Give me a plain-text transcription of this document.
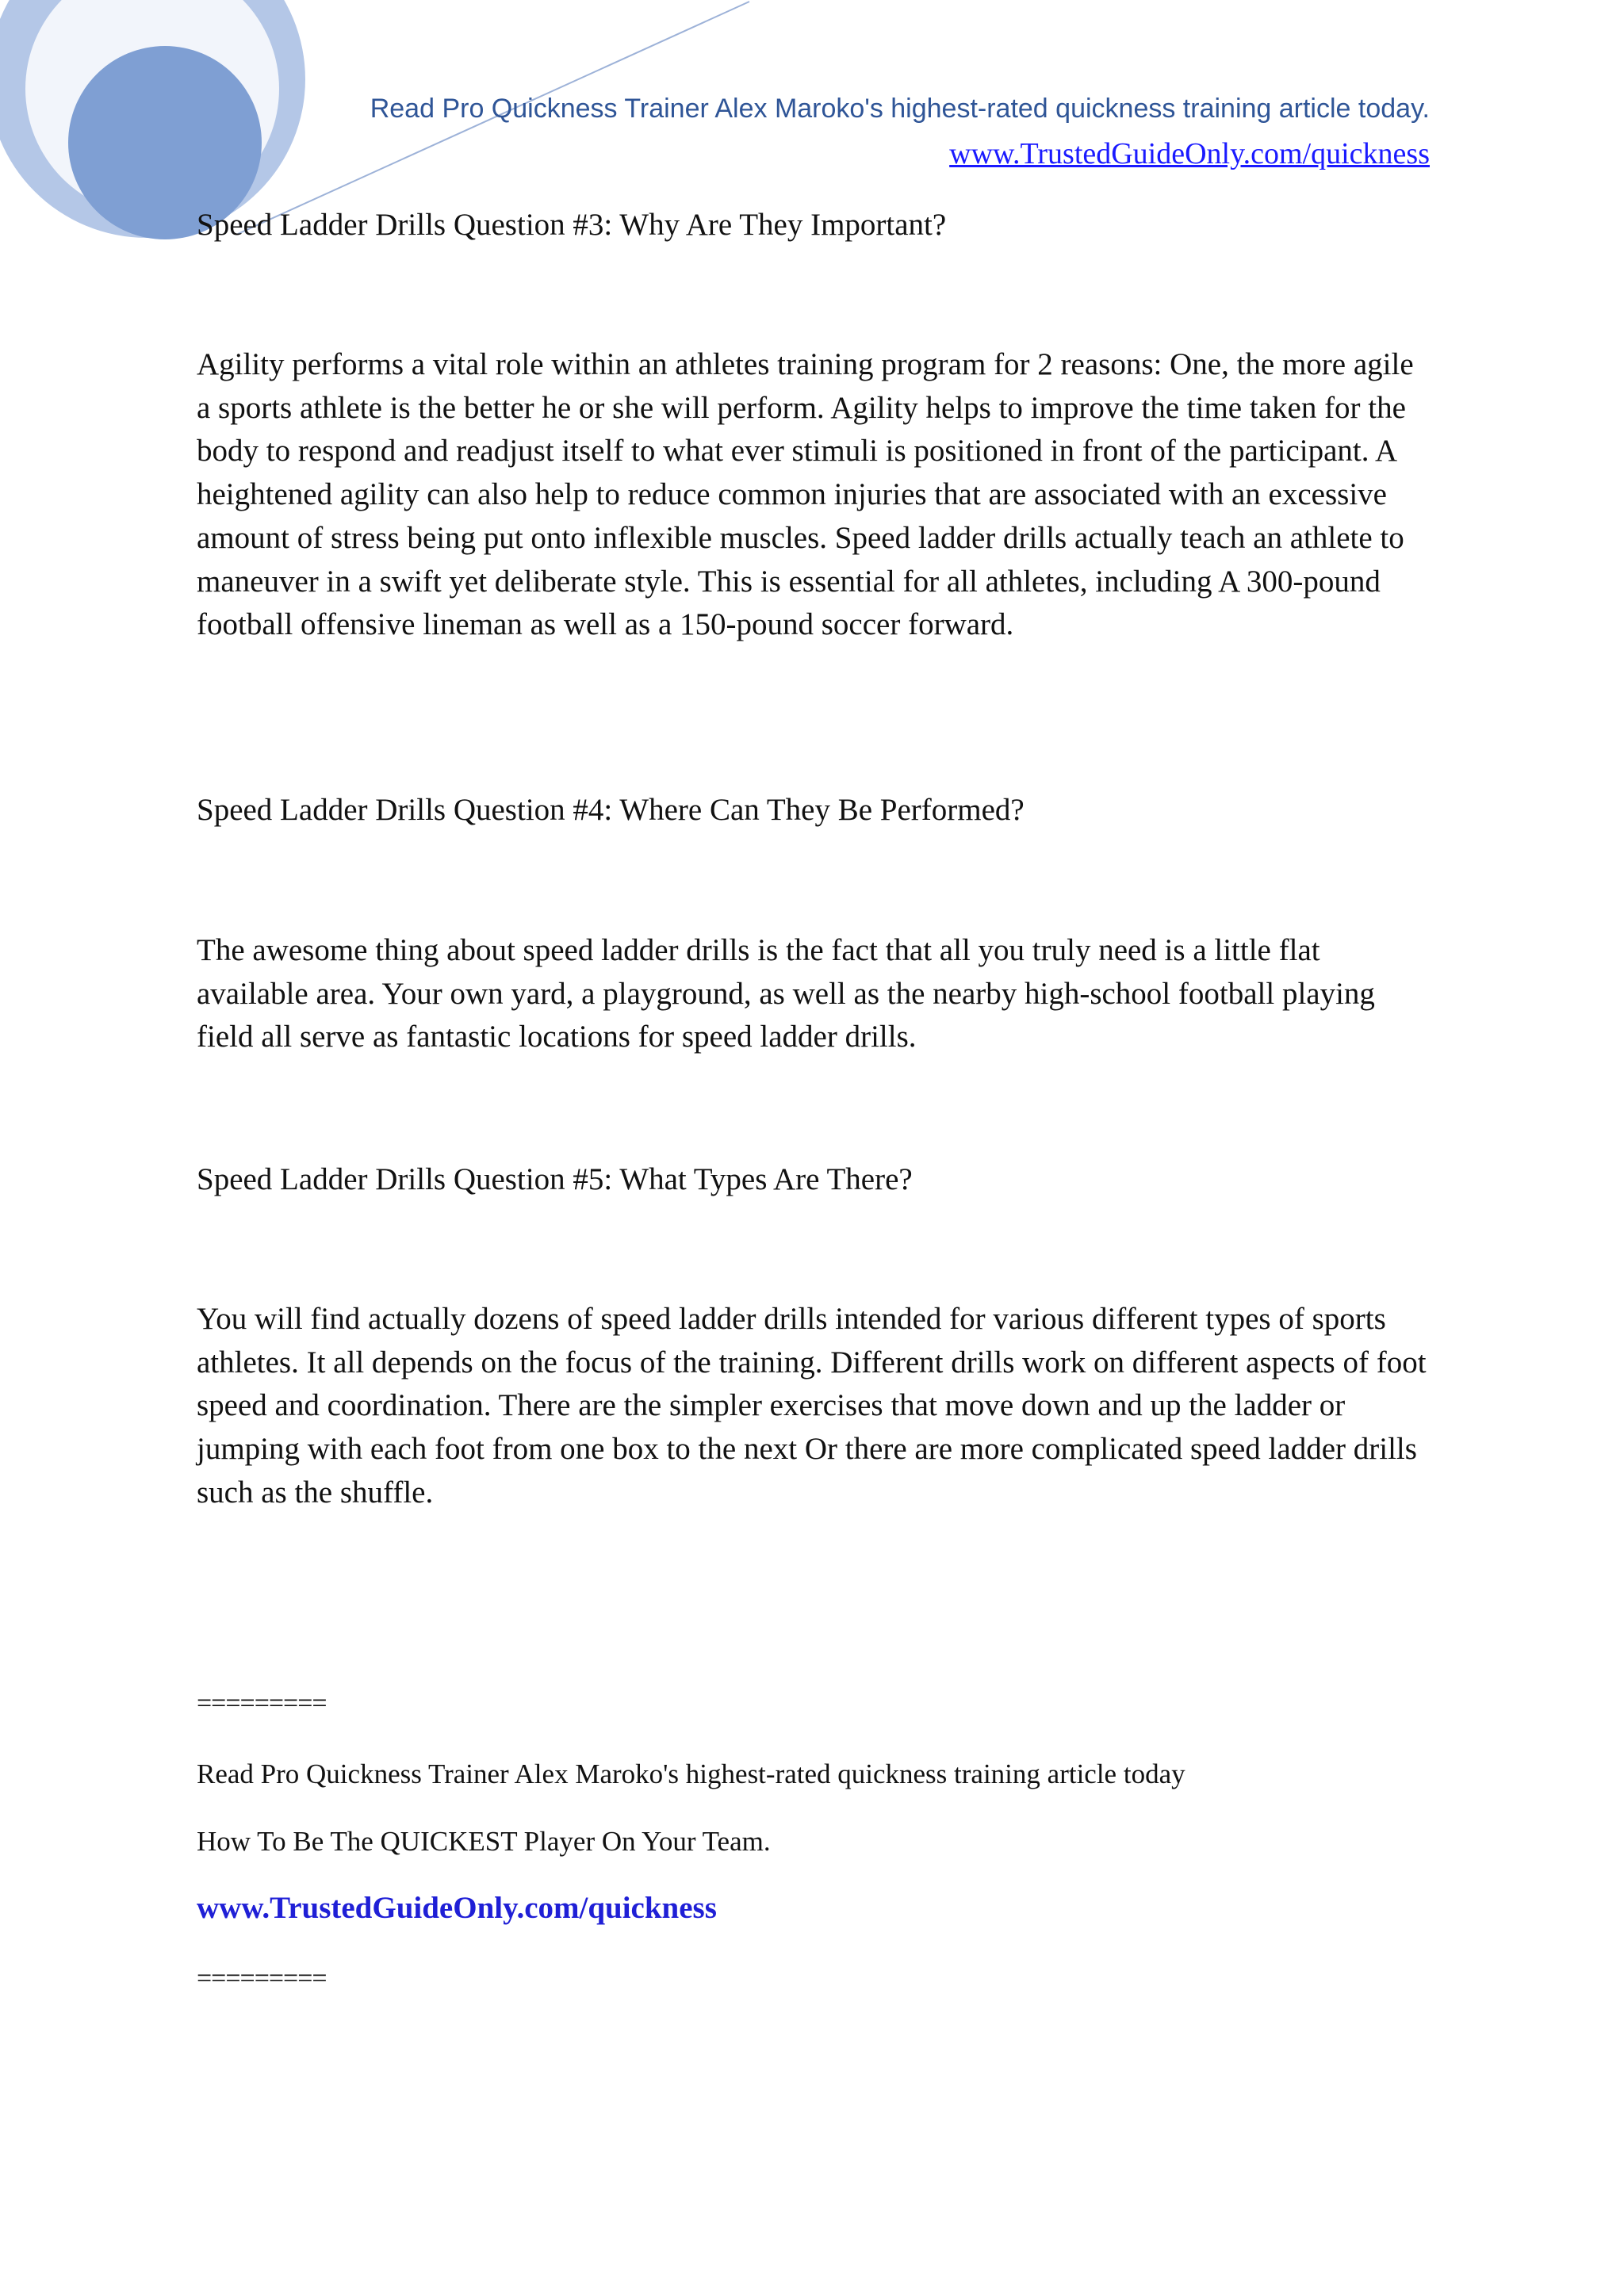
Read Pro Quickness Trainer Alex Maroko's highest-rated quickness training article today.
www.TrustedGuideOnly.com/quickness
Speed Ladder Drills Question #3: Why Are They Important?
Agility performs a vital role within an athletes training program for 2 reasons: One, the more agile a sports athlete is the better he or she will perform. Agility helps to improve the time taken for the body to respond and readjust itself to what ever stimuli is positioned in front of the participant. A heightened agility can also help to reduce common injuries that are associated with an excessive amount of stress being put onto inflexible muscles. Speed ladder drills actually teach an athlete to maneuver in a swift yet deliberate style. This is essential for all athletes, including A 300-pound football offensive lineman as well as a 150-pound soccer forward.
Speed Ladder Drills Question #4: Where Can They Be Performed?
The awesome thing about speed ladder drills is the fact that all you truly need is a little flat available area. Your own yard, a playground, as well as the nearby high-school football playing field all serve as fantastic locations for speed ladder drills.
Speed Ladder Drills Question #5: What Types Are There?
You will find actually dozens of speed ladder drills intended for various different types of sports athletes. It all depends on the focus of the training. Different drills work on different aspects of foot speed and coordination. There are the simpler exercises that move down and up the ladder or jumping with each foot from one box to the next Or there are more complicated speed ladder drills such as the shuffle.
=========
Read Pro Quickness Trainer Alex Maroko's highest-rated quickness training article today
How To Be The QUICKEST Player On Your Team.
www.TrustedGuideOnly.com/quickness
=========
